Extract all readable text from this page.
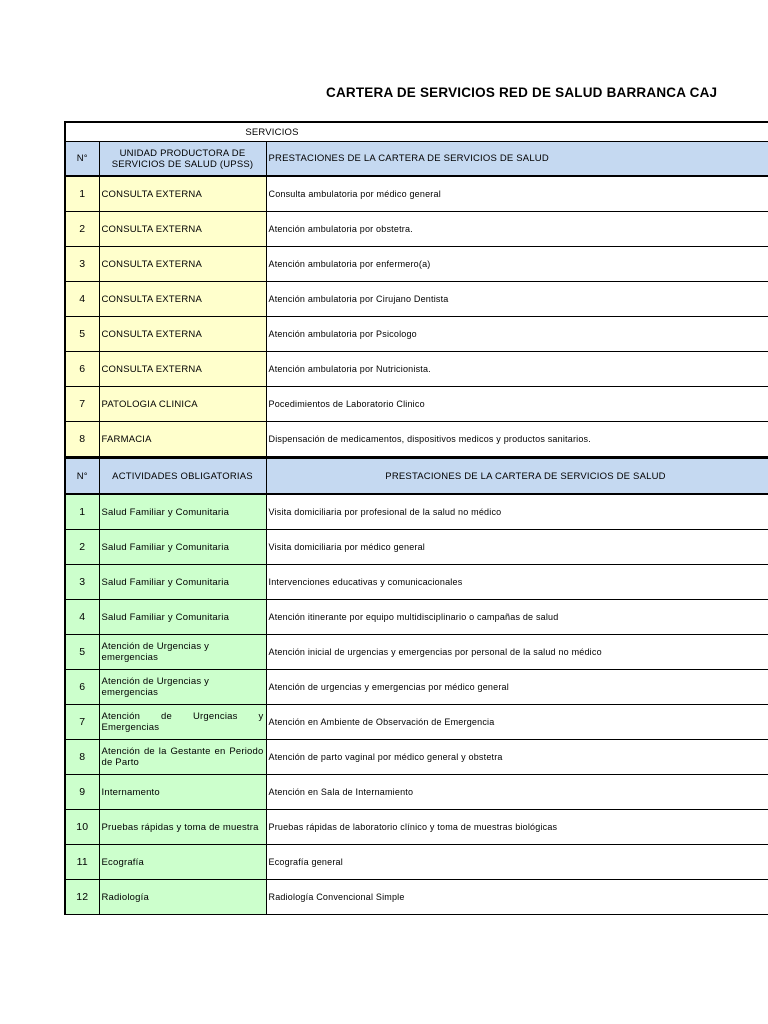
CARTERA DE SERVICIOS RED DE SALUD BARRANCA CAJ
SERVICIOS		
N°	UNIDAD PRODUCTORA DE SERVICIOS DE SALUD (UPSS)	PRESTACIONES DE LA CARTERA DE SERVICIOS DE SALUD
1	CONSULTA EXTERNA	Consulta ambulatoria por médico general
2	CONSULTA EXTERNA	Atención ambulatoria por obstetra.
3	CONSULTA EXTERNA	Atención ambulatoria por enfermero(a)
4	CONSULTA EXTERNA	Atención ambulatoria por Cirujano Dentista
5	CONSULTA EXTERNA	Atención ambulatoria por Psicologo
6	CONSULTA EXTERNA	Atención ambulatoria por Nutricionista.
7	PATOLOGIA CLINICA	Pocedimientos de Laboratorio Clinico
8	FARMACIA	Dispensación de medicamentos, dispositivos medicos y productos sanitarios.
N°	ACTIVIDADES OBLIGATORIAS	PRESTACIONES DE LA CARTERA DE SERVICIOS DE SALUD
1	Salud Familiar y Comunitaria	Visita domiciliaria por profesional de la salud no médico
2	Salud Familiar y Comunitaria	Visita domiciliaria por médico general
3	Salud Familiar y Comunitaria	Intervenciones educativas y comunicacionales
4	Salud Familiar y Comunitaria	Atención itinerante por equipo multidisciplinario o campañas de salud
5	Atención de Urgencias y emergencias	Atención inicial de urgencias y emergencias por personal de la salud no médico
6	Atención de Urgencias y emergencias	Atención de urgencias y emergencias por médico general
7	Atención de Urgencias y Emergencias	Atención en Ambiente de Observación de Emergencia
8	Atención de la Gestante en Periodo de Parto	Atención de parto vaginal por médico general y obstetra
9	Internamento	Atención en Sala de Internamiento
10	Pruebas rápidas y toma de muestra	Pruebas rápidas de laboratorio clínico y toma de muestras biológicas
11	Ecografía	Ecografía general
12	Radiología	Radiología Convencional Simple
